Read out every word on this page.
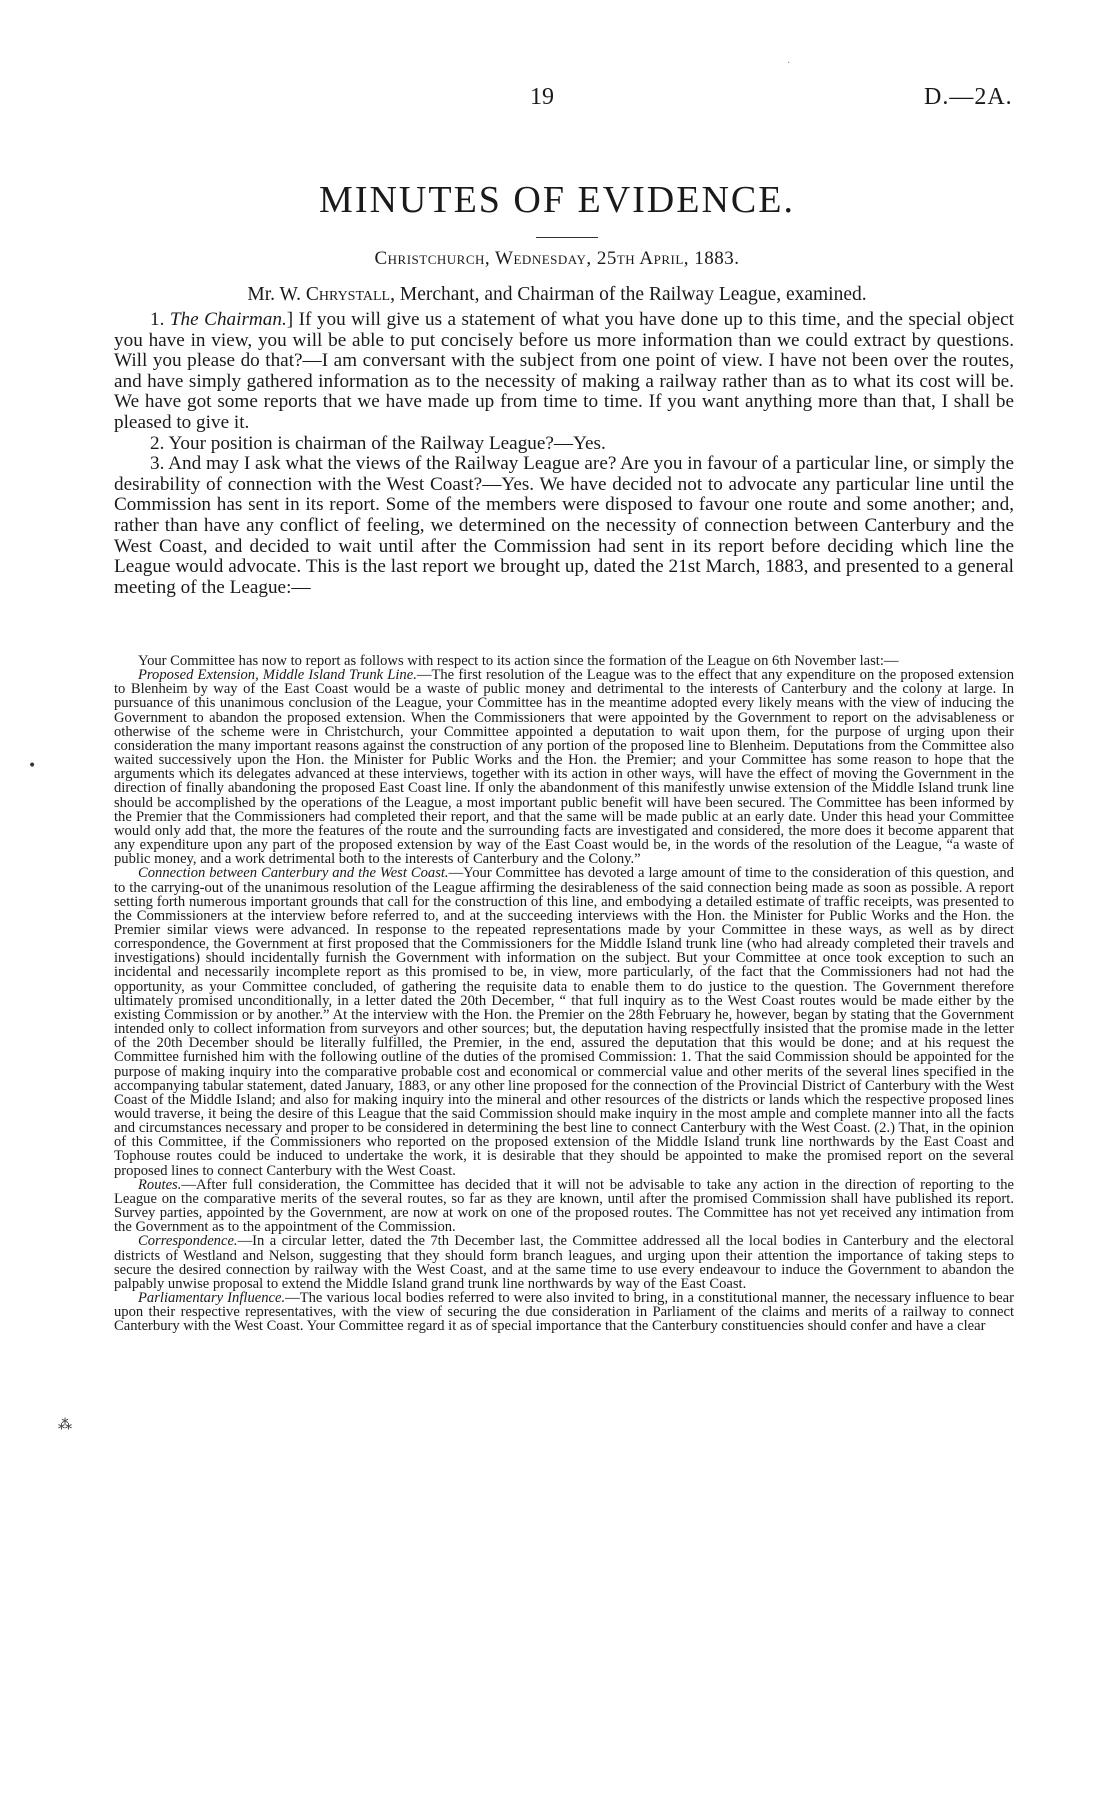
19	D.—2A.
MINUTES OF EVIDENCE.
Christchurch, Wednesday, 25th April, 1883.
Mr. W. Chrystall, Merchant, and Chairman of the Railway League, examined.

1. The Chairman.] If you will give us a statement of what you have done up to this time, and the special object you have in view, you will be able to put concisely before us more information than we could extract by questions. Will you please do that?—I am conversant with the subject from one point of view. I have not been over the routes, and have simply gathered information as to the necessity of making a railway rather than as to what its cost will be. We have got some reports that we have made up from time to time. If you want anything more than that, I shall be pleased to give it.

2. Your position is chairman of the Railway League?—Yes.

3. And may I ask what the views of the Railway League are? Are you in favour of a particular line, or simply the desirability of connection with the West Coast?—Yes. We have decided not to advocate any particular line until the Commission has sent in its report. Some of the members were disposed to favour one route and some another; and, rather than have any conflict of feeling, we determined on the necessity of connection between Canterbury and the West Coast, and decided to wait until after the Commission had sent in its report before deciding which line the League would advocate. This is the last report we brought up, dated the 21st March, 1883, and presented to a general meeting of the League:—

Your Committee has now to report as follows with respect to its action since the formation of the League on 6th November last:—

Proposed Extension, Middle Island Trunk Line.—The first resolution of the League was to the effect that any expenditure on the proposed extension to Blenheim by way of the East Coast would be a waste of public money and detrimental to the interests of Canterbury and the colony at large. In pursuance of this unanimous conclusion of the League, your Committee has in the meantime adopted every likely means with the view of inducing the Government to abandon the proposed extension. When the Commissioners that were appointed by the Government to report on the advisableness or otherwise of the scheme were in Christchurch, your Committee appointed a deputation to wait upon them, for the purpose of urging upon their consideration the many important reasons against the construction of any portion of the proposed line to Blenheim. Deputations from the Committee also waited successively upon the Hon. the Minister for Public Works and the Hon. the Premier; and your Committee has some reason to hope that the arguments which its delegates advanced at these interviews, together with its action in other ways, will have the effect of moving the Government in the direction of finally abandoning the proposed East Coast line. If only the abandonment of this manifestly unwise extension of the Middle Island trunk line should be accomplished by the operations of the League, a most important public benefit will have been secured. The Committee has been informed by the Premier that the Commissioners had completed their report, and that the same will be made public at an early date. Under this head your Committee would only add that, the more the features of the route and the surrounding facts are investigated and considered, the more does it become apparent that any expenditure upon any part of the proposed extension by way of the East Coast would be, in the words of the resolution of the League, “a waste of public money, and a work detrimental both to the interests of Canterbury and the Colony.”

Connection between Canterbury and the West Coast.—Your Committee has devoted a large amount of time to the consideration of this question, and to the carrying-out of the unanimous resolution of the League affirming the desirableness of the said connection being made as soon as possible. A report setting forth numerous important grounds that call for the construction of this line, and embodying a detailed estimate of traffic receipts, was presented to the Commissioners at the interview before referred to, and at the succeeding interviews with the Hon. the Minister for Public Works and the Hon. the Premier similar views were advanced. In response to the repeated representations made by your Committee in these ways, as well as by direct correspondence, the Government at first proposed that the Commissioners for the Middle Island trunk line (who had already completed their travels and investigations) should incidentally furnish the Government with information on the subject. But your Committee at once took exception to such an incidental and necessarily incomplete report as this promised to be, in view, more particularly, of the fact that the Commissioners had not had the opportunity, as your Committee concluded, of gathering the requisite data to enable them to do justice to the question. The Government therefore ultimately promised unconditionally, in a letter dated the 20th December, “ that full inquiry as to the West Coast routes would be made either by the existing Commission or by another.” At the interview with the Hon. the Premier on the 28th February he, however, began by stating that the Government intended only to collect information from surveyors and other sources; but, the deputation having respectfully insisted that the promise made in the letter of the 20th December should be literally fulfilled, the Premier, in the end, assured the deputation that this would be done; and at his request the Committee furnished him with the following outline of the duties of the promised Commission: 1. That the said Commission should be appointed for the purpose of making inquiry into the comparative probable cost and economical or commercial value and other merits of the several lines specified in the accompanying tabular statement, dated January, 1883, or any other line proposed for the connection of the Provincial District of Canterbury with the West Coast of the Middle Island; and also for making inquiry into the mineral and other resources of the districts or lands which the respective proposed lines would traverse, it being the desire of this League that the said Commission should make inquiry in the most ample and complete manner into all the facts and circumstances necessary and proper to be considered in determining the best line to connect Canterbury with the West Coast. (2.) That, in the opinion of this Committee, if the Commissioners who reported on the proposed extension of the Middle Island trunk line northwards by the East Coast and Tophouse routes could be induced to undertake the work, it is desirable that they should be appointed to make the promised report on the several proposed lines to connect Canterbury with the West Coast.

Routes.—After full consideration, the Committee has decided that it will not be advisable to take any action in the direction of reporting to the League on the comparative merits of the several routes, so far as they are known, until after the promised Commission shall have published its report. Survey parties, appointed by the Government, are now at work on one of the proposed routes. The Committee has not yet received any intimation from the Government as to the appointment of the Commission.

Correspondence.—In a circular letter, dated the 7th December last, the Committee addressed all the local bodies in Canterbury and the electoral districts of Westland and Nelson, suggesting that they should form branch leagues, and urging upon their attention the importance of taking steps to secure the desired connection by railway with the West Coast, and at the same time to use every endeavour to induce the Government to abandon the palpably unwise proposal to extend the Middle Island grand trunk line northwards by way of the East Coast.

Parliamentary Influence.—The various local bodies referred to were also invited to bring, in a constitutional manner, the necessary influence to bear upon their respective representatives, with the view of securing the due consideration in Parliament of the claims and merits of a railway to connect Canterbury with the West Coast. Your Committee regard it as of special importance that the Canterbury constituencies should confer and have a clear

•
⁂
·
